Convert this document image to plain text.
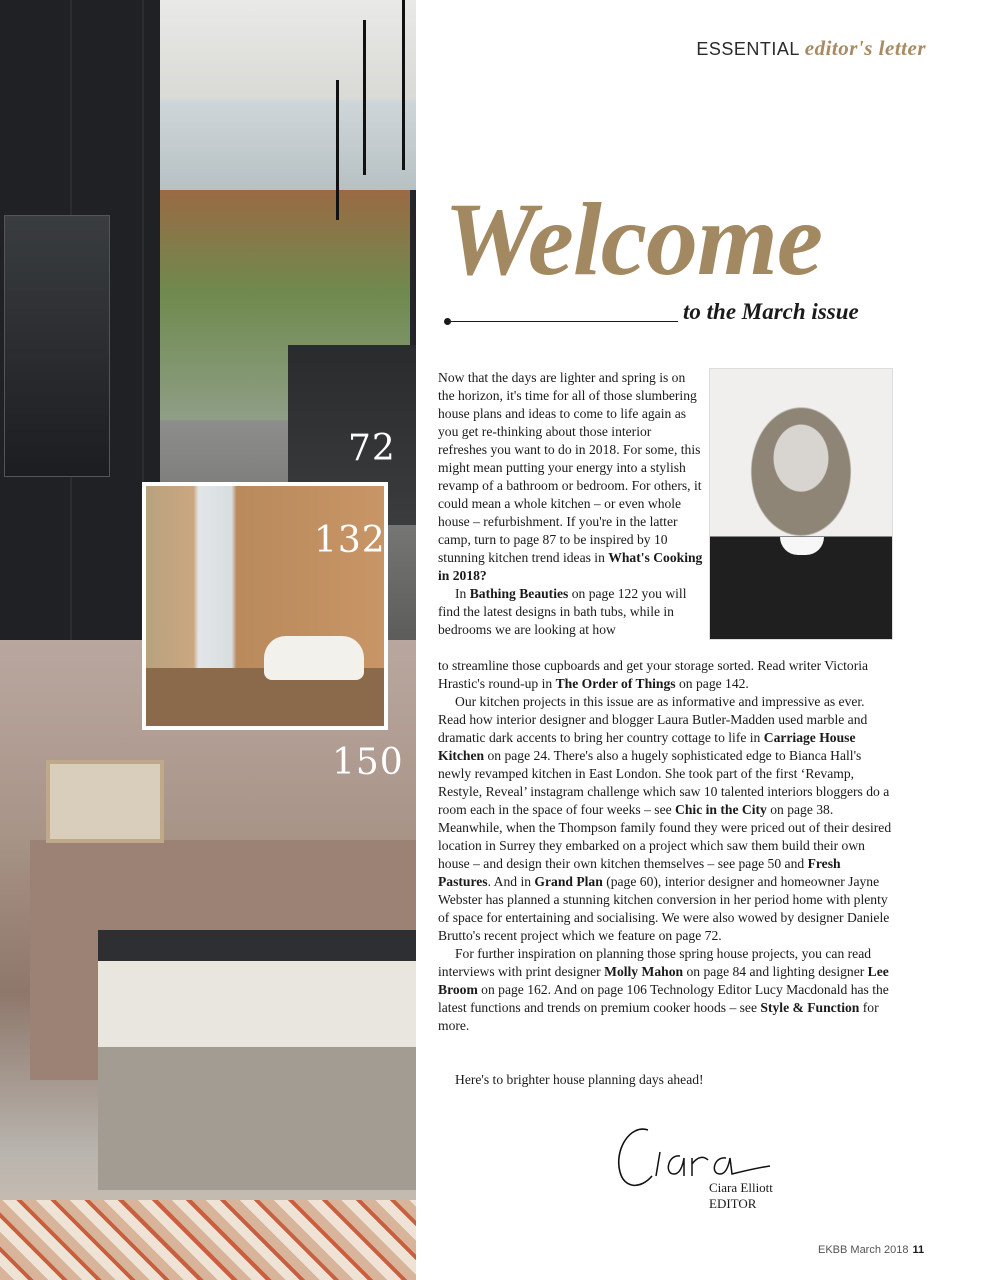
72
132
150
ESSENTIAL editor's letter
Welcome
to the March issue

Now that the days are lighter and spring is on the horizon, it's time for all of those slumbering house plans and ideas to come to life again as you get re-thinking about those interior refreshes you want to do in 2018. For some, this might mean putting your energy into a stylish revamp of a bathroom or bedroom. For others, it could mean a whole kitchen – or even whole house – refurbishment. If you're in the latter camp, turn to page 87 to be inspired by 10 stunning kitchen trend ideas in What's Cooking in 2018?

In Bathing Beauties on page 122 you will find the latest designs in bath tubs, while in bedrooms we are looking at how

to streamline those cupboards and get your storage sorted. Read writer Victoria Hrastic's round-up in The Order of Things on page 142.

Our kitchen projects in this issue are as informative and impressive as ever. Read how interior designer and blogger Laura Butler-Madden used marble and dramatic dark accents to bring her country cottage to life in Carriage House Kitchen on page 24. There's also a hugely sophisticated edge to Bianca Hall's newly revamped kitchen in East London. She took part of the first ‘Revamp, Restyle, Reveal’ instagram challenge which saw 10 talented interiors bloggers do a room each in the space of four weeks – see Chic in the City on page 38. Meanwhile, when the Thompson family found they were priced out of their desired location in Surrey they embarked on a project which saw them build their own house – and design their own kitchen themselves – see page 50 and Fresh Pastures. And in Grand Plan (page 60), interior designer and homeowner Jayne Webster has planned a stunning kitchen conversion in her period home with plenty of space for entertaining and socialising. We were also wowed by designer Daniele Brutto's recent project which we feature on page 72.

For further inspiration on planning those spring house projects, you can read interviews with print designer Molly Mahon on page 84 and lighting designer Lee Broom on page 162. And on page 106 Technology Editor Lucy Macdonald has the latest functions and trends on premium cooker hoods – see Style & Function for more.

Here's to brighter house planning days ahead!
Ciara Elliott
EDITOR
EKBB March 2018 11
